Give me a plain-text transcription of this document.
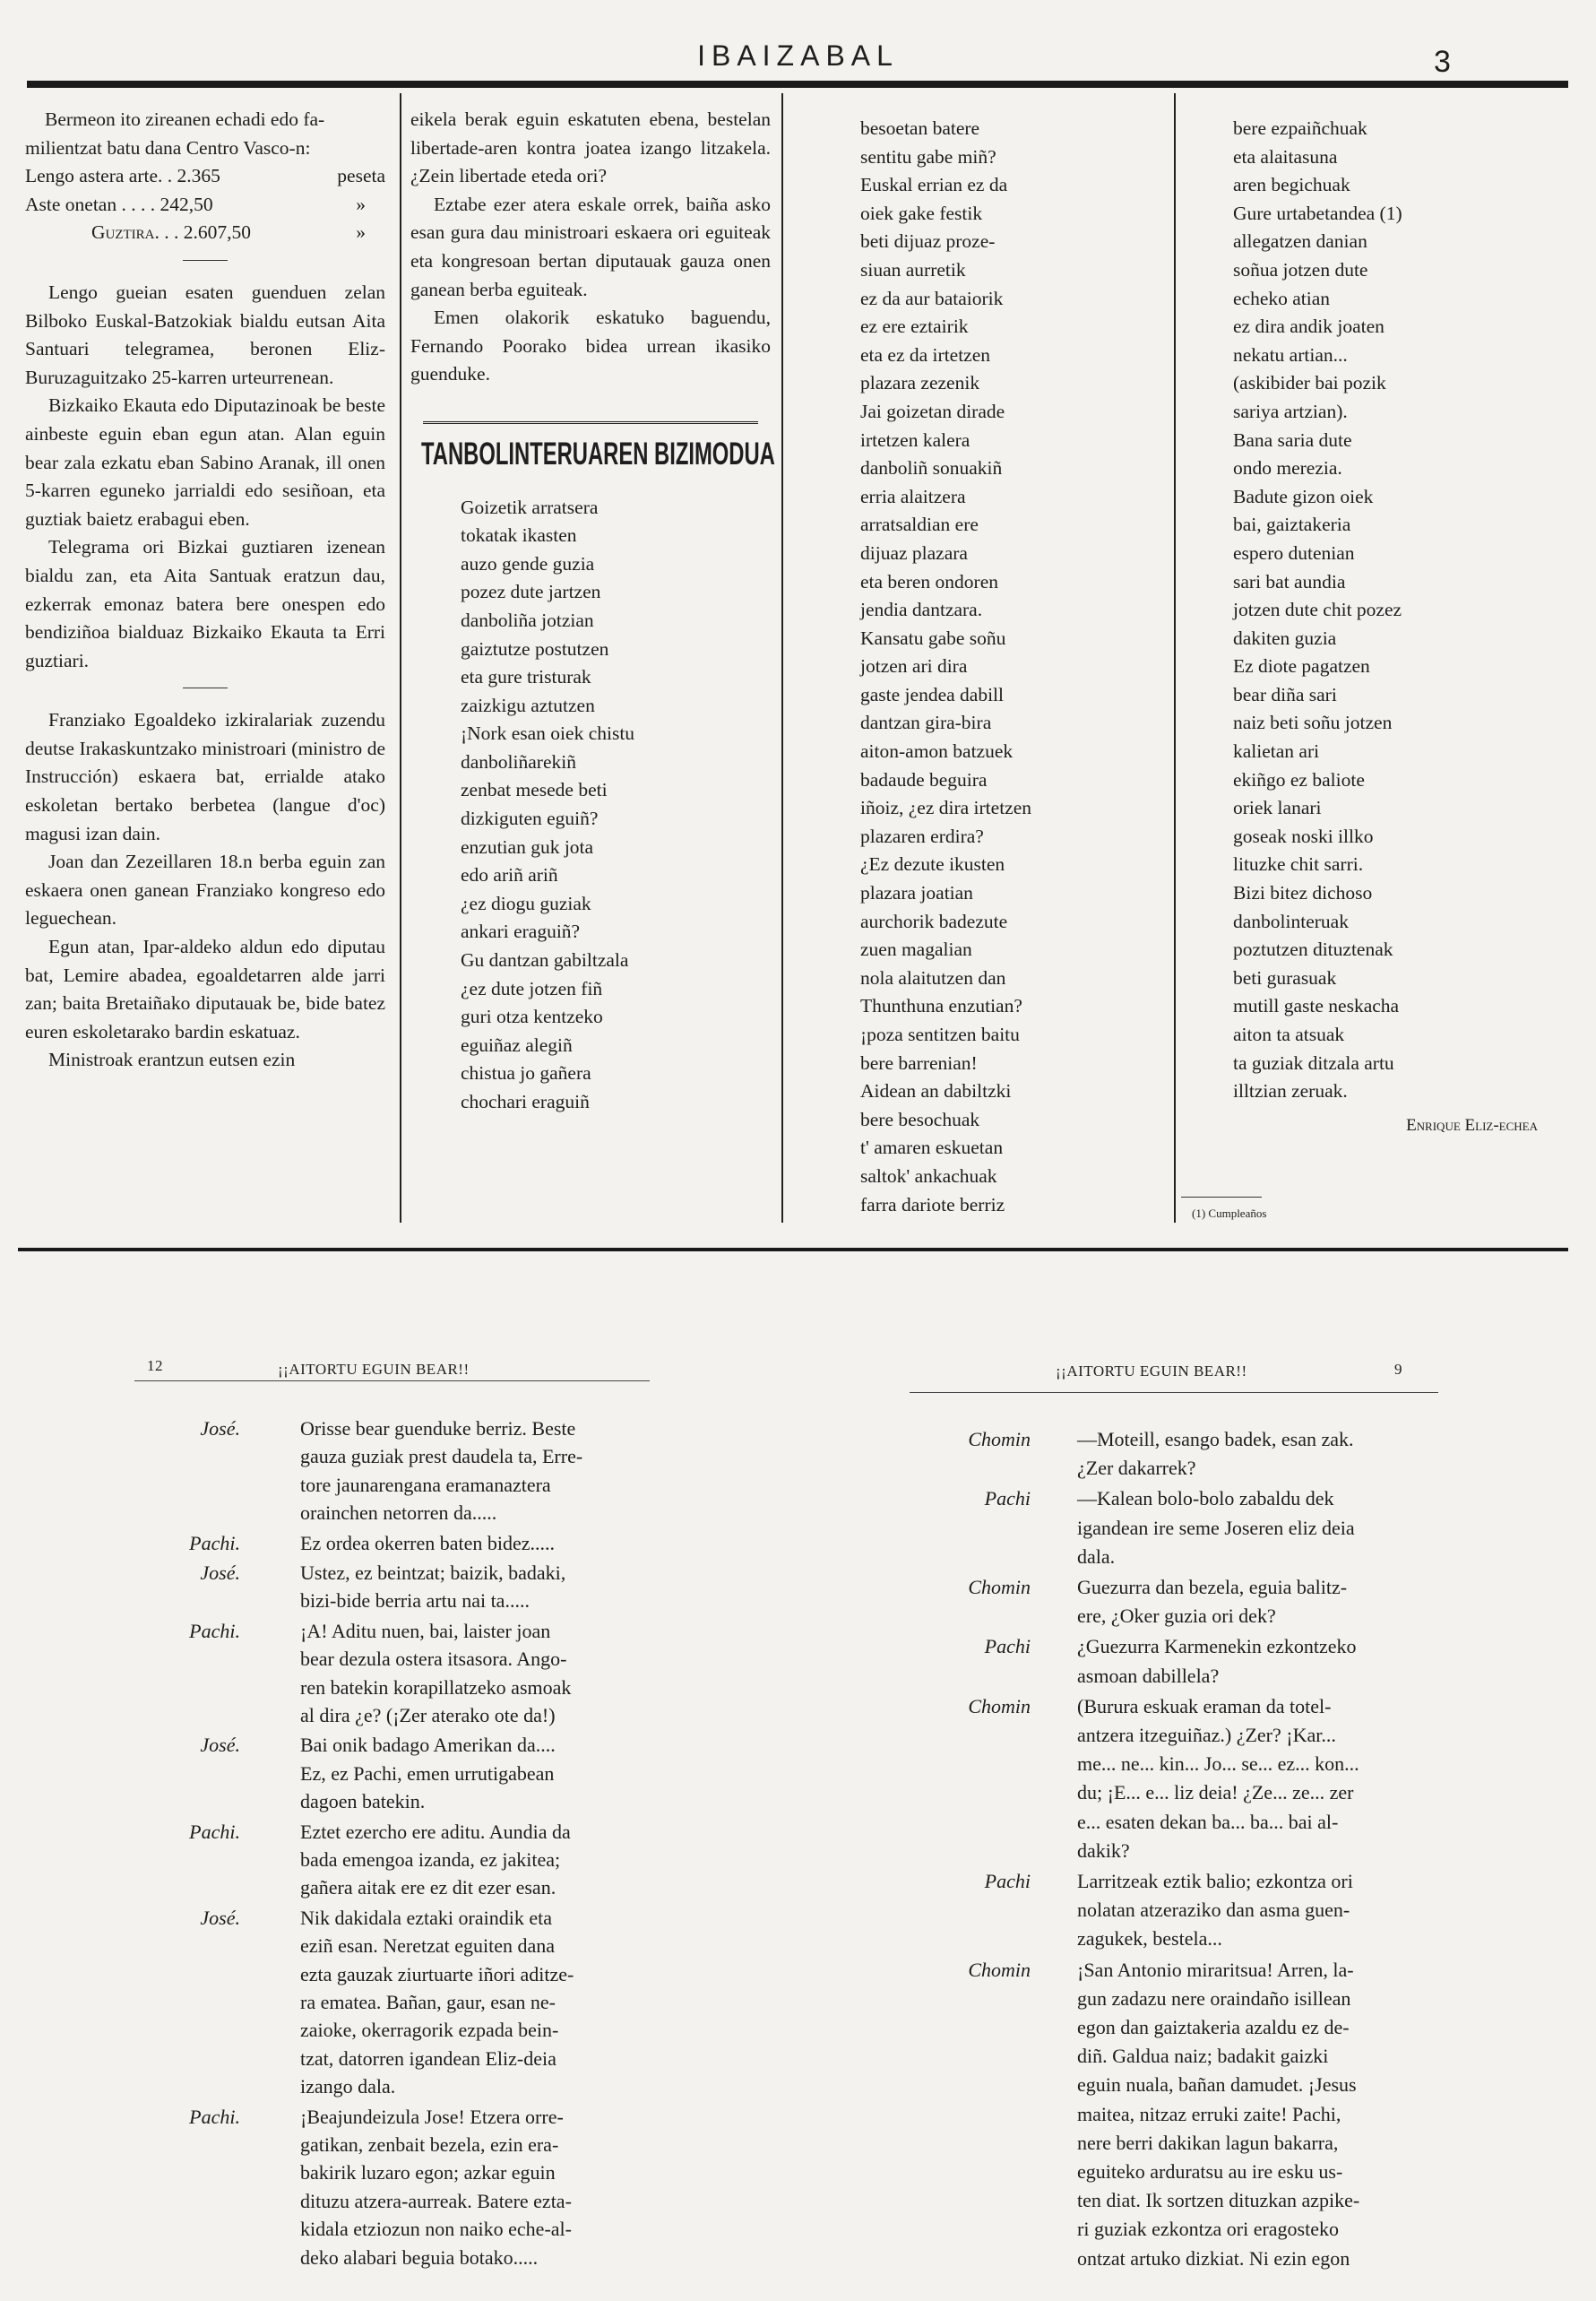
IBAIZABAL	3

Bermeon ito zireanen echadi edo fa-

milientzat batu dana Centro Vasco-n:

Lengo astera arte. . 2.365	peseta
Aste onetan . . . . 242,50	»
Guztira. . . 2.607,50	»

Lengo gueian esaten guenduen zelan Bilboko Euskal-Batzokiak bialdu eutsan Aita Santuari telegramea, beronen Eliz-Buruzaguitzako 25-karren urteurrenean.

Bizkaiko Ekauta edo Diputazinoak be beste ainbeste eguin eban egun atan. Alan eguin bear zala ezkatu eban Sabino Aranak, ill onen 5-karren eguneko jarrialdi edo sesiñoan, eta guztiak baietz erabagui eben.

Telegrama ori Bizkai guztiaren izenean bialdu zan, eta Aita Santuak eratzun dau, ezkerrak emonaz batera bere onespen edo bendiziñoa bialduaz Bizkaiko Ekauta ta Erri guztiari.

Franziako Egoaldeko izkiralariak zuzendu deutse Irakaskuntzako ministroari (ministro de Instrucción) eskaera bat, errialde atako eskoletan bertako berbetea (langue d'oc) magusi izan dain.

Joan dan Zezeillaren 18.n berba eguin zan eskaera onen ganean Franziako kongreso edo leguechean.

Egun atan, Ipar-aldeko aldun edo diputau bat, Lemire abadea, egoaldetarren alde jarri zan; baita Bretaiñako diputauak be, bide batez euren eskoletarako bardin eskatuaz.

Ministroak erantzun eutsen ezin

eikela berak eguin eskatuten ebena, bestelan libertade-aren kontra joatea izango litzakela. ¿Zein libertade eteda ori?

Eztabe ezer atera eskale orrek, baiña asko esan gura dau ministroari eskaera ori eguiteak eta kongresoan bertan diputauak gauza onen ganean berba eguiteak.

Emen olakorik eskatuko baguendu, Fernando Poorako bidea urrean ikasiko guenduke.

TANBOLINTERUAREN BIZIMODUA

Goizetik arratsera

tokatak ikasten

auzo gende guzia

pozez dute jartzen

danboliña jotzian

gaiztutze postutzen

eta gure tristurak

zaizkigu aztutzen

¡Nork esan oiek chistu

danboliñarekiñ

zenbat mesede beti

dizkiguten eguiñ?

enzutian guk jota

edo ariñ ariñ

¿ez diogu guziak

ankari eraguiñ?

Gu dantzan gabiltzala

¿ez dute jotzen fiñ

guri otza kentzeko

eguiñaz alegiñ

chistua jo gañera

chochari eraguiñ

besoetan batere

sentitu gabe miñ?

Euskal errian ez da

oiek gake festik

beti dijuaz proze-

siuan aurretik

ez da aur bataiorik

ez ere eztairik

eta ez da irtetzen

plazara zezenik

Jai goizetan dirade

irtetzen kalera

danboliñ sonuakiñ

erria alaitzera

arratsaldian ere

dijuaz plazara

eta beren ondoren

jendia dantzara.

Kansatu gabe soñu

jotzen ari dira

gaste jendea dabill

dantzan gira-bira

aiton-amon batzuek

badaude beguira

iñoiz, ¿ez dira irtetzen

plazaren erdira?

¿Ez dezute ikusten

plazara joatian

aurchorik badezute

zuen magalian

nola alaitutzen dan

Thunthuna enzutian?

¡poza sentitzen baitu

bere barrenian!

Aidean an dabiltzki

bere besochuak

t' amaren eskuetan

saltok' ankachuak

farra dariote berriz

bere ezpaiñchuak

eta alaitasuna

aren begichuak

Gure urtabetandea (1)

allegatzen danian

soñua jotzen dute

echeko atian

ez dira andik joaten

nekatu artian...

(askibider bai pozik

sariya artzian).

Bana saria dute

ondo merezia.

Badute gizon oiek

bai, gaiztakeria

espero dutenian

sari bat aundia

jotzen dute chit pozez

dakiten guzia

Ez diote pagatzen

bear diña sari

naiz beti soñu jotzen

kalietan ari

ekiñgo ez baliote

oriek lanari

goseak noski illko

lituzke chit sarri.

Bizi bitez dichoso

danbolinteruak

poztutzen dituztenak

beti gurasuak

mutill gaste neskacha

aiton ta atsuak

ta guziak ditzala artu

illtzian zeruak.

Enrique Eliz-echea
(1) Cumpleaños
12	¡¡AITORTU EGUIN BEAR!!
José.	Orisse bear guenduke berriz. Beste
gauza guziak prest daudela ta, Erre-
tore jaunarengana eramanaztera
orainchen netorren da.....
Pachi.	Ez ordea okerren baten bidez.....
José.	Ustez, ez beintzat; baizik, badaki,
bizi-bide berria artu nai ta.....
Pachi.	¡A! Aditu nuen, bai, laister joan
bear dezula ostera itsasora. Ango-
ren batekin korapillatzeko asmoak
al dira ¿e? (¡Zer aterako ote da!)
José.	Bai onik badago Amerikan da....
Ez, ez Pachi, emen urrutigabean
dagoen batekin.
Pachi.	Eztet ezercho ere aditu. Aundia da
bada emengoa izanda, ez jakitea;
gañera aitak ere ez dit ezer esan.
José.	Nik dakidala eztaki oraindik eta
eziñ esan. Neretzat eguiten dana
ezta gauzak ziurtuarte iñori aditze-
ra ematea. Bañan, gaur, esan ne-
zaioke, okerragorik ezpada bein-
tzat, datorren igandean Eliz-deia
izango dala.
Pachi.	¡Beajundeizula Jose! Etzera orre-
gatikan, zenbait bezela, ezin era-
bakirik luzaro egon; azkar eguin
dituzu atzera-aurreak. Batere ezta-
kidala etziozun non naiko eche-al-
deko alabari beguia botako.....
¡¡AITORTU EGUIN BEAR!!	9
Chomin —Moteill, esango badek, esan zak.
¿Zer dakarrek?
Pachi —Kalean bolo-bolo zabaldu dek
igandean ire seme Joseren eliz deia
dala.
Chomin Guezurra dan bezela, eguia balitz-
ere, ¿Oker guzia ori dek?
Pachi ¿Guezurra Karmenekin ezkontzeko
asmoan dabillela?
Chomin (Burura eskuak eraman da totel-
antzera itzeguiñaz.) ¿Zer? ¡Kar...
me... ne... kin... Jo... se... ez... kon...
du; ¡E... e... liz deia! ¿Ze... ze... zer
e... esaten dekan ba... ba... bai al-
dakik?
Pachi Larritzeak eztik balio; ezkontza ori
nolatan atzeraziko dan asma guen-
zagukek, bestela...
Chomin ¡San Antonio miraritsua! Arren, la-
gun zadazu nere oraindaño isillean
egon dan gaiztakeria azaldu ez de-
diñ. Galdua naiz; badakit gaizki
eguin nuala, bañan damudet. ¡Jesus
maitea, nitzaz erruki zaite! Pachi,
nere berri dakikan lagun bakarra,
eguiteko arduratsu au ire esku us-
ten diat. Ik sortzen dituzkan azpike-
ri guziak ezkontza ori eragosteko
ontzat artuko dizkiat. Ni ezin egon
